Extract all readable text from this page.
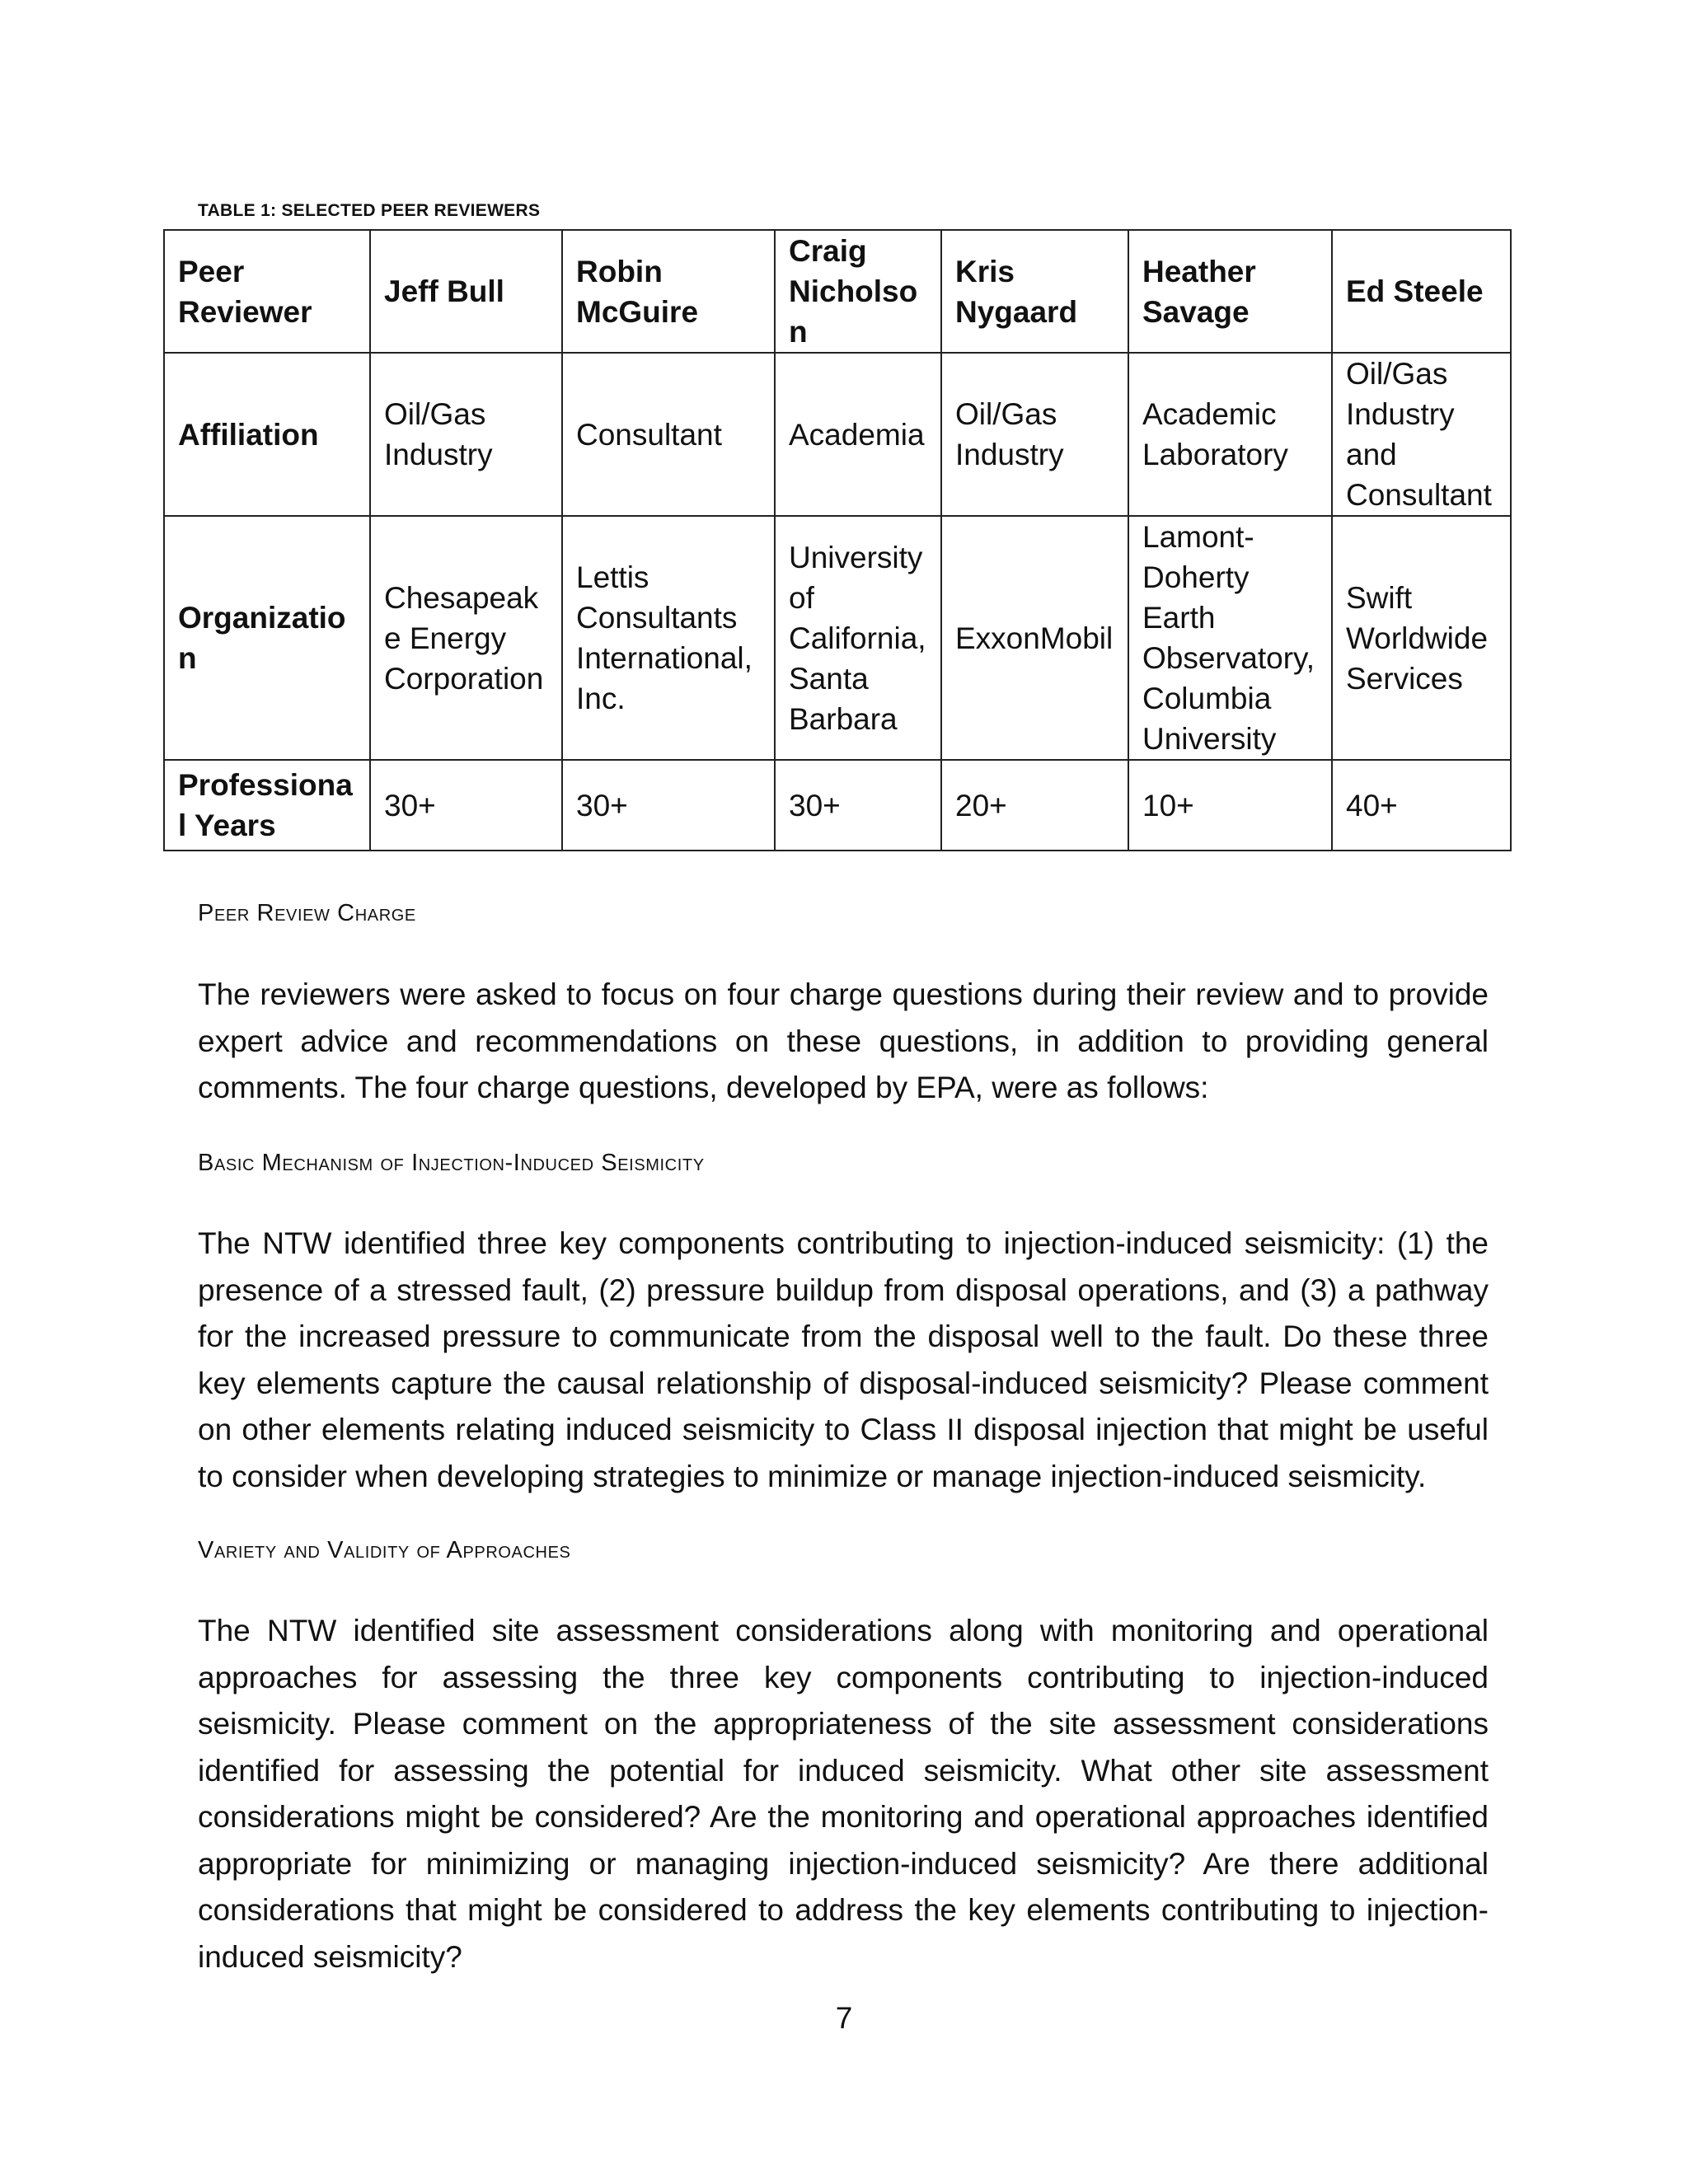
TABLE 1: SELECTED PEER REVIEWERS
Peer Reviewer	Jeff Bull	Robin McGuire	Craig Nicholson	Kris Nygaard	Heather Savage	Ed Steele
Affiliation	Oil/Gas Industry	Consultant	Academia	Oil/Gas Industry	Academic Laboratory	Oil/Gas Industry and Consultant
Organization	Chesapeake Energy Corporation	Lettis Consultants International, Inc.	University of California, Santa Barbara	ExxonMobil	Lamont-Doherty Earth Observatory, Columbia University	Swift Worldwide Services
Professional Years	30+	30+	30+	20+	10+	40+
Peer Review Charge
The reviewers were asked to focus on four charge questions during their review and to provide expert advice and recommendations on these questions, in addition to providing general comments. The four charge questions, developed by EPA, were as follows:
Basic Mechanism of Injection-Induced Seismicity
The NTW identified three key components contributing to injection-induced seismicity: (1) the presence of a stressed fault, (2) pressure buildup from disposal operations, and (3) a pathway for the increased pressure to communicate from the disposal well to the fault. Do these three key elements capture the causal relationship of disposal-induced seismicity? Please comment on other elements relating induced seismicity to Class II disposal injection that might be useful to consider when developing strategies to minimize or manage injection-induced seismicity.
Variety and Validity of Approaches
The NTW identified site assessment considerations along with monitoring and operational approaches for assessing the three key components contributing to injection-induced seismicity. Please comment on the appropriateness of the site assessment considerations identified for assessing the potential for induced seismicity. What other site assessment considerations might be considered? Are the monitoring and operational approaches identified appropriate for minimizing or managing injection-induced seismicity? Are there additional considerations that might be considered to address the key elements contributing to injection-induced seismicity?
7
